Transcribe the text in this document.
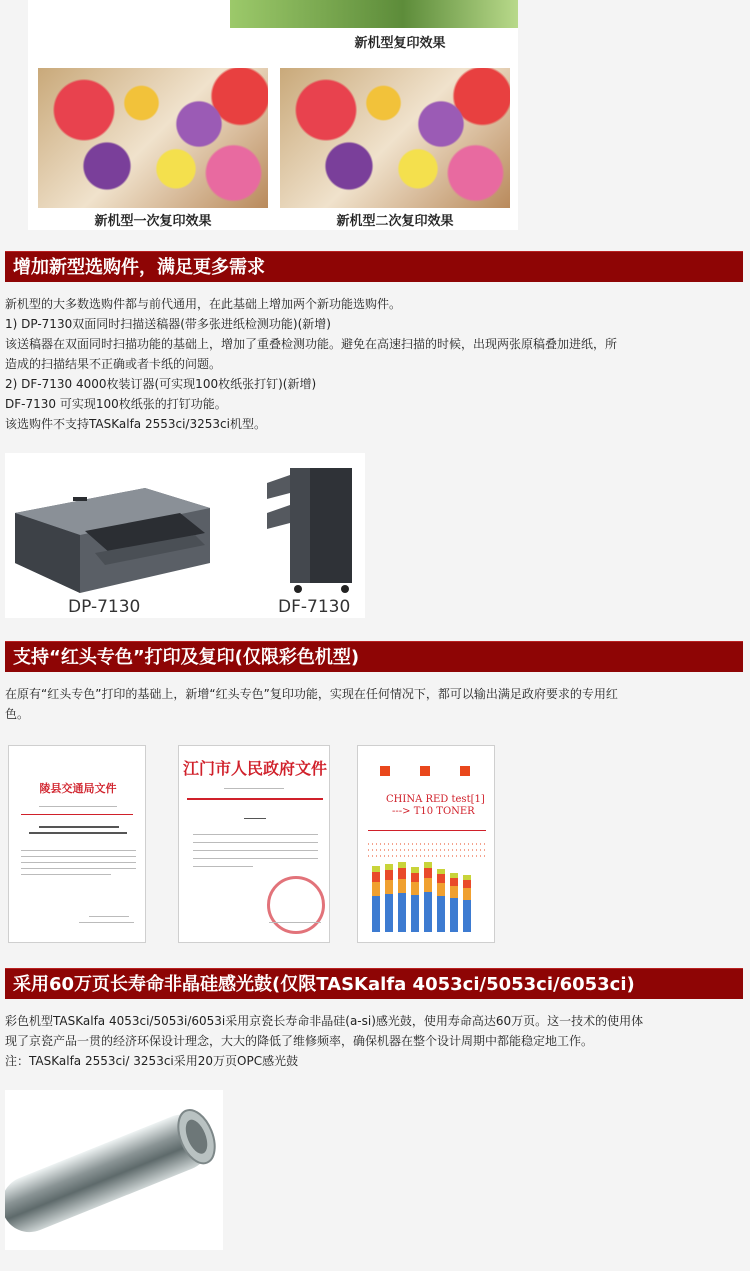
新机型复印效果
新机型一次复印效果	新机型二次复印效果
增加新型选购件，满足更多需求
新机型的大多数选购件都与前代通用，在此基础上增加两个新功能选购件。
1) DP-7130双面同时扫描送稿器(带多张进纸检测功能)(新增)
该送稿器在双面同时扫描功能的基础上，增加了重叠检测功能。避免在高速扫描的时候，出现两张原稿叠加进纸，所
造成的扫描结果不正确或者卡纸的问题。
2) DF-7130 4000枚装订器(可实现100枚纸张打钉)(新增)
DF-7130 可实现100枚纸张的打钉功能。
该选购件不支持TASKalfa 2553ci/3253ci机型。
DP-7130	DF-7130
支持“红头专色”打印及复印(仅限彩色机型)
在原有“红头专色”打印的基础上，新增“红头专色”复印功能，实现在任何情况下，都可以输出满足政府要求的专用红
色。
陵县交通局文件
江门市人民政府文件
CHINA RED test[1]
---> T10 TONER
采用60万页长寿命非晶硅感光鼓(仅限TASKalfa 4053ci/5053ci/6053ci)
彩色机型TASKalfa 4053ci/5053i/6053i采用京瓷长寿命非晶硅(a-si)感光鼓，使用寿命高达60万页。这一技术的使用体
现了京瓷产品一贯的经济环保设计理念，大大的降低了维修频率，确保机器在整个设计周期中都能稳定地工作。
注：TASKalfa 2553ci/ 3253ci采用20万页OPC感光鼓
